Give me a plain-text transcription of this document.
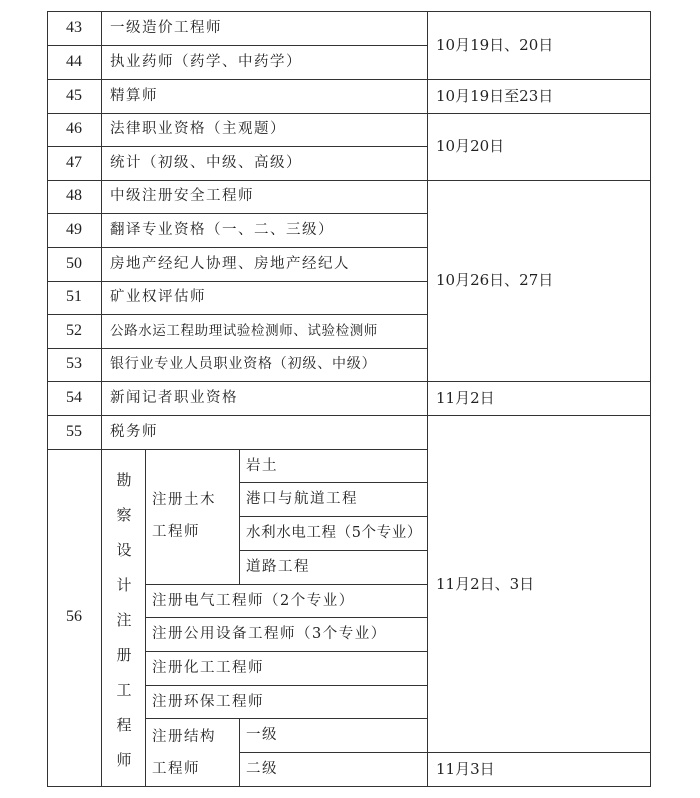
43
44
45
46
47
48
49
50
51
52
53
54
55
56
一级造价工程师
执业药师（药学、中药学）
精算师
法律职业资格（主观题）
统计（初级、中级、高级）
中级注册安全工程师
翻译专业资格（一、二、三级）
房地产经纪人协理、房地产经纪人
矿业权评估师
公路水运工程助理试验检测师、试验检测师
银行业专业人员职业资格（初级、中级）
新闻记者职业资格
税务师
勘
察
设
计
注
册
工
程
师
注册土木
工程师
岩土
港口与航道工程
水利水电工程（5个专业）
道路工程
注册电气工程师（2个专业）
注册公用设备工程师（3个专业）
注册化工工程师
注册环保工程师
注册结构
工程师
一级
二级
10月19日、20日
10月19日至23日
10月20日
10月26日、27日
11月2日
11月2日、3日
11月3日
